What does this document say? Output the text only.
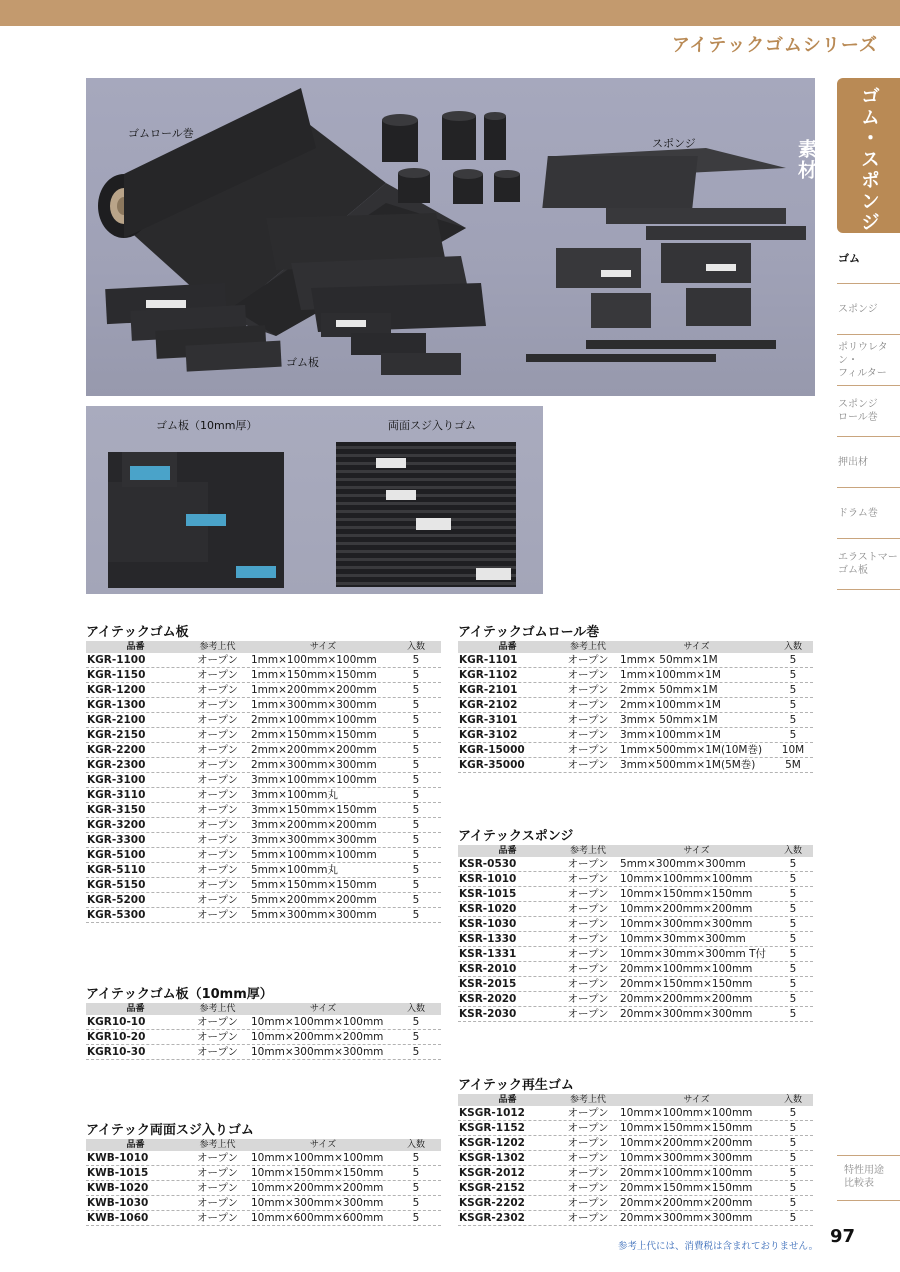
アイテックゴムシリーズ
ゴムロール巻
スポンジ
ゴム板
ゴム板（10mm厚）	両面スジ入りゴム
ゴム・スポンジ素材
ゴム
スポンジ
ポリウレタン・
フィルター
スポンジ
ロール巻
押出材
ドラム巻
エラストマー
ゴム板
特性用途
比較表
アイテックゴム板
品番	参考上代	サイズ	入数
KGR-1100	オープン	1mm×100mm×100mm	5
KGR-1150	オープン	1mm×150mm×150mm	5
KGR-1200	オープン	1mm×200mm×200mm	5
KGR-1300	オープン	1mm×300mm×300mm	5
KGR-2100	オープン	2mm×100mm×100mm	5
KGR-2150	オープン	2mm×150mm×150mm	5
KGR-2200	オープン	2mm×200mm×200mm	5
KGR-2300	オープン	2mm×300mm×300mm	5
KGR-3100	オープン	3mm×100mm×100mm	5
KGR-3110	オープン	3mm×100mm丸	5
KGR-3150	オープン	3mm×150mm×150mm	5
KGR-3200	オープン	3mm×200mm×200mm	5
KGR-3300	オープン	3mm×300mm×300mm	5
KGR-5100	オープン	5mm×100mm×100mm	5
KGR-5110	オープン	5mm×100mm丸	5
KGR-5150	オープン	5mm×150mm×150mm	5
KGR-5200	オープン	5mm×200mm×200mm	5
KGR-5300	オープン	5mm×300mm×300mm	5
アイテックゴム板（10mm厚）
品番	参考上代	サイズ	入数
KGR10-10	オープン	10mm×100mm×100mm	5
KGR10-20	オープン	10mm×200mm×200mm	5
KGR10-30	オープン	10mm×300mm×300mm	5
アイテック両面スジ入りゴム
品番	参考上代	サイズ	入数
KWB-1010	オープン	10mm×100mm×100mm	5
KWB-1015	オープン	10mm×150mm×150mm	5
KWB-1020	オープン	10mm×200mm×200mm	5
KWB-1030	オープン	10mm×300mm×300mm	5
KWB-1060	オープン	10mm×600mm×600mm	5
アイテックゴムロール巻
品番	参考上代	サイズ	入数
KGR-1101	オープン	1mm× 50mm×1M	5
KGR-1102	オープン	1mm×100mm×1M	5
KGR-2101	オープン	2mm× 50mm×1M	5
KGR-2102	オープン	2mm×100mm×1M	5
KGR-3101	オープン	3mm× 50mm×1M	5
KGR-3102	オープン	3mm×100mm×1M	5
KGR-15000	オープン	1mm×500mm×1M(10M巻)	10M
KGR-35000	オープン	3mm×500mm×1M(5M巻)	5M
アイテックスポンジ
品番	参考上代	サイズ	入数
KSR-0530	オープン	5mm×300mm×300mm	5
KSR-1010	オープン	10mm×100mm×100mm	5
KSR-1015	オープン	10mm×150mm×150mm	5
KSR-1020	オープン	10mm×200mm×200mm	5
KSR-1030	オープン	10mm×300mm×300mm	5
KSR-1330	オープン	10mm×30mm×300mm	5
KSR-1331	オープン	10mm×30mm×300mm T付	5
KSR-2010	オープン	20mm×100mm×100mm	5
KSR-2015	オープン	20mm×150mm×150mm	5
KSR-2020	オープン	20mm×200mm×200mm	5
KSR-2030	オープン	20mm×300mm×300mm	5
アイテック再生ゴム
品番	参考上代	サイズ	入数
KSGR-1012	オープン	10mm×100mm×100mm	5
KSGR-1152	オープン	10mm×150mm×150mm	5
KSGR-1202	オープン	10mm×200mm×200mm	5
KSGR-1302	オープン	10mm×300mm×300mm	5
KSGR-2012	オープン	20mm×100mm×100mm	5
KSGR-2152	オープン	20mm×150mm×150mm	5
KSGR-2202	オープン	20mm×200mm×200mm	5
KSGR-2302	オープン	20mm×300mm×300mm	5
参考上代には、消費税は含まれておりません。 97
